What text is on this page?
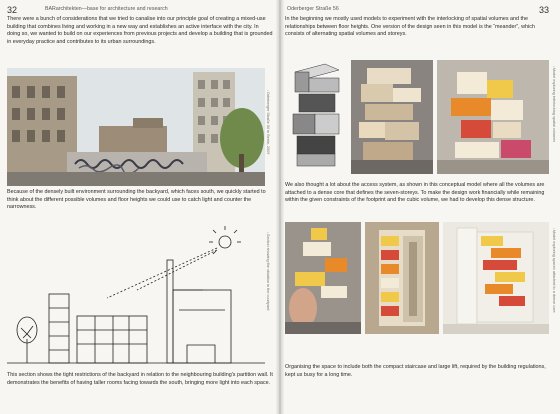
32	BARarchitekten—base for architecture and research

There were a bunch of considerations that we tried to canalise into our principle goal of creating a mixed-use building that combines living and working in a new way and establishes an active interface with the city. In doing so, we wanted to build on our experiences from previous projects and develop a building that is grounded in everyday practice and contributes to its urban surroundings.

↓ Oderberger Straße 56 in Berlin, 2009

Because of the densely built environment surrounding the backyard, which faces south, we quickly started to think about the different possible volumes and floor heights we could use to catch light and counter the narrowness.

↓ Section showing the situation in the courtyard

This section shows the tight restrictions of the backyard in relation to the neighbouring building's partition wall. It demonstrates the benefits of having taller rooms facing towards the south, bringing more light into each space.

Oderberger Straße 56	33

In the beginning we mostly used models to experiment with the interlocking of spatial volumes and the relationships between floor heights. One version of the design seen in this model is the “meander”, which consists of alternating spatial volumes and storeys.

↓ Model exploring interlocking spatial volumes

We also thought a lot about the access system, as shown in this conceptual model where all the volumes are attached to a dense core that defines the seven-storeys. To make the design work financially while remaining within the given constraints of the footprint and the cubic volume, we had to develop this dense structure.

↓ Model exploring spaces attached to a dense core

Organising the space to include both the compact staircase and large lift, required by the building regulations, kept us busy for a long time.
